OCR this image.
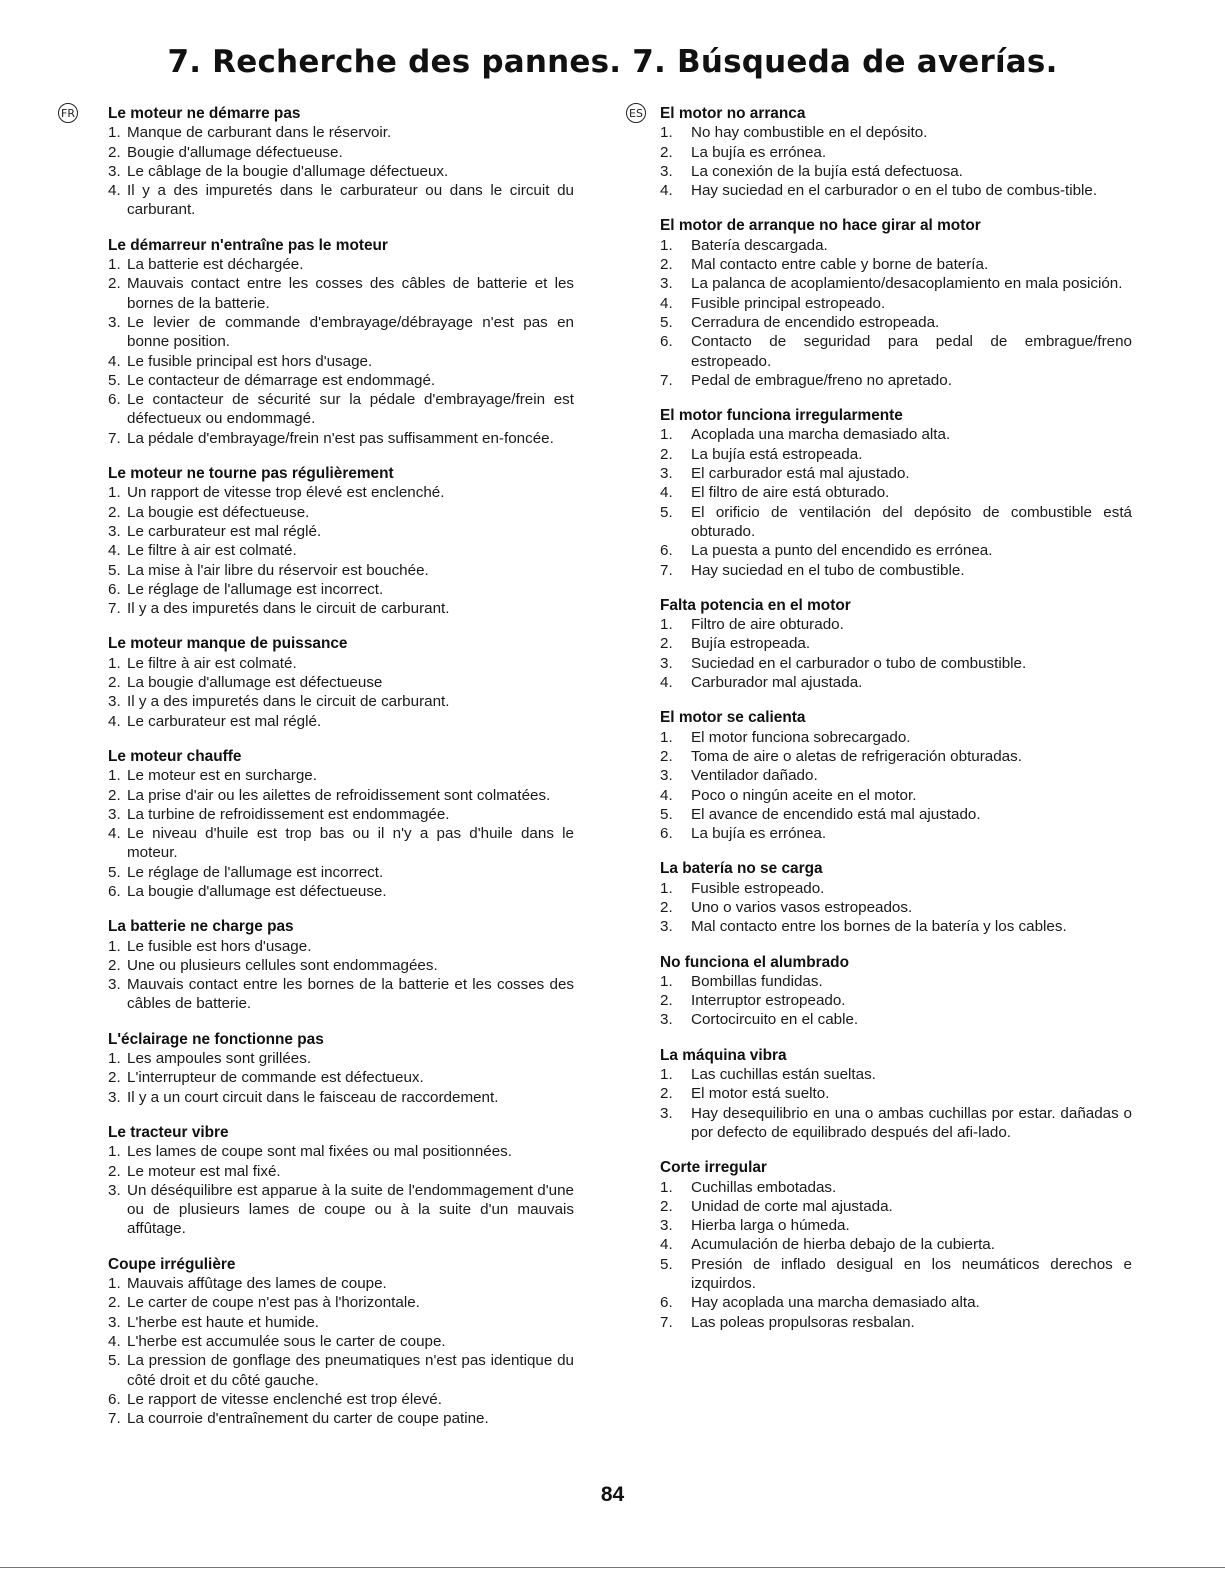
7. Recherche des pannes. 7. Búsqueda de averías.
FR Le moteur ne démarre pas
1. Manque de carburant dans le réservoir.
2. Bougie d'allumage défectueuse.
3. Le câblage de la bougie d'allumage défectueux.
4. Il y a des impuretés dans le carburateur ou dans le circuit du carburant.
Le démarreur n'entraîne pas le moteur
1. La batterie est déchargée.
2. Mauvais contact entre les cosses des câbles de batterie et les bornes de la batterie.
3. Le levier de commande d'embrayage/débrayage n'est pas en bonne position.
4. Le fusible principal est hors d'usage.
5. Le contacteur de démarrage est endommagé.
6. Le contacteur de sécurité sur la pédale d'embrayage/frein est défectueux ou endommagé.
7. La pédale d'embrayage/frein n'est pas suffisamment en-foncée.
Le moteur ne tourne pas régulièrement
1. Un rapport de vitesse trop élevé est enclenché.
2. La bougie est défectueuse.
3. Le carburateur est mal réglé.
4. Le filtre à air est colmaté.
5. La mise à l'air libre du réservoir est bouchée.
6. Le réglage de l'allumage est incorrect.
7. Il y a des impuretés dans le circuit de carburant.
Le moteur manque de puissance
1. Le filtre à air est colmaté.
2. La bougie d'allumage est défectueuse
3. Il y a des impuretés dans le circuit de carburant.
4. Le carburateur est mal réglé.
Le moteur chauffe
1. Le moteur est en surcharge.
2. La prise d'air ou les ailettes de refroidissement sont colmatées.
3. La turbine de refroidissement est endommagée.
4. Le niveau d'huile est trop bas ou il n'y a pas d'huile dans le moteur.
5. Le réglage de l'allumage est incorrect.
6. La bougie d'allumage est défectueuse.
La batterie ne charge pas
1. Le fusible est hors d'usage.
2. Une ou plusieurs cellules sont endommagées.
3. Mauvais contact entre les bornes de la batterie et les cosses des câbles de batterie.
L'éclairage ne fonctionne pas
1. Les ampoules sont grillées.
2. L'interrupteur de commande est défectueux.
3. Il y a un court circuit dans le faisceau de raccordement.
Le tracteur vibre
1. Les lames de coupe sont mal fixées ou mal positionnées.
2. Le moteur est mal fixé.
3. Un déséquilibre est apparue à la suite de l'endommagement d'une ou de plusieurs lames de coupe ou à la suite d'un mauvais affûtage.
Coupe irrégulière
1. Mauvais affûtage des lames de coupe.
2. Le carter de coupe n'est pas à l'horizontale.
3. L'herbe est haute et humide.
4. L'herbe est accumulée sous le carter de coupe.
5. La pression de gonflage des pneumatiques n'est pas identique du côté droit et du côté gauche.
6. Le rapport de vitesse enclenché est trop élevé.
7. La courroie d'entraînement du carter de coupe patine.
ES El motor no arranca
1. No hay combustible en el depósito.
2. La bujía es errónea.
3. La conexión de la bujía está defectuosa.
4. Hay suciedad en el carburador o en el tubo de combus-tible.
El motor de arranque no hace girar al motor
1. Batería descargada.
2. Mal contacto entre cable y borne de batería.
3. La palanca de acoplamiento/desacoplamiento en mala posición.
4. Fusible principal estropeado.
5. Cerradura de encendido estropeada.
6. Contacto de seguridad para pedal de embrague/freno estropeado.
7. Pedal de embrague/freno no apretado.
El motor funciona irregularmente
1. Acoplada una marcha demasiado alta.
2. La bujía está estropeada.
3. El carburador está mal ajustado.
4. El filtro de aire está obturado.
5. El orificio de ventilación del depósito de combustible está obturado.
6. La puesta a punto del encendido es errónea.
7. Hay suciedad en el tubo de combustible.
Falta potencia en el motor
1. Filtro de aire obturado.
2. Bujía estropeada.
3. Suciedad en el carburador o tubo de combustible.
4. Carburador mal ajustada.
El motor se calienta
1. El motor funciona sobrecargado.
2. Toma de aire o aletas de refrigeración obturadas.
3. Ventilador dañado.
4. Poco o ningún aceite en el motor.
5. El avance de encendido está mal ajustado.
6. La bujía es errónea.
La batería no se carga
1. Fusible estropeado.
2. Uno o varios vasos estropeados.
3. Mal contacto entre los bornes de la batería y los cables.
No funciona el alumbrado
1. Bombillas fundidas.
2. Interruptor estropeado.
3. Cortocircuito en el cable.
La máquina vibra
1. Las cuchillas están sueltas.
2. El motor está suelto.
3. Hay desequilibrio en una o ambas cuchillas por estar. dañadas o por defecto de equilibrado después del afi-lado.
Corte irregular
1. Cuchillas embotadas.
2. Unidad de corte mal ajustada.
3. Hierba larga o húmeda.
4. Acumulación de hierba debajo de la cubierta.
5. Presión de inflado desigual en los neumáticos derechos e izquirdos.
6. Hay acoplada una marcha demasiado alta.
7. Las poleas propulsoras resbalan.
84
